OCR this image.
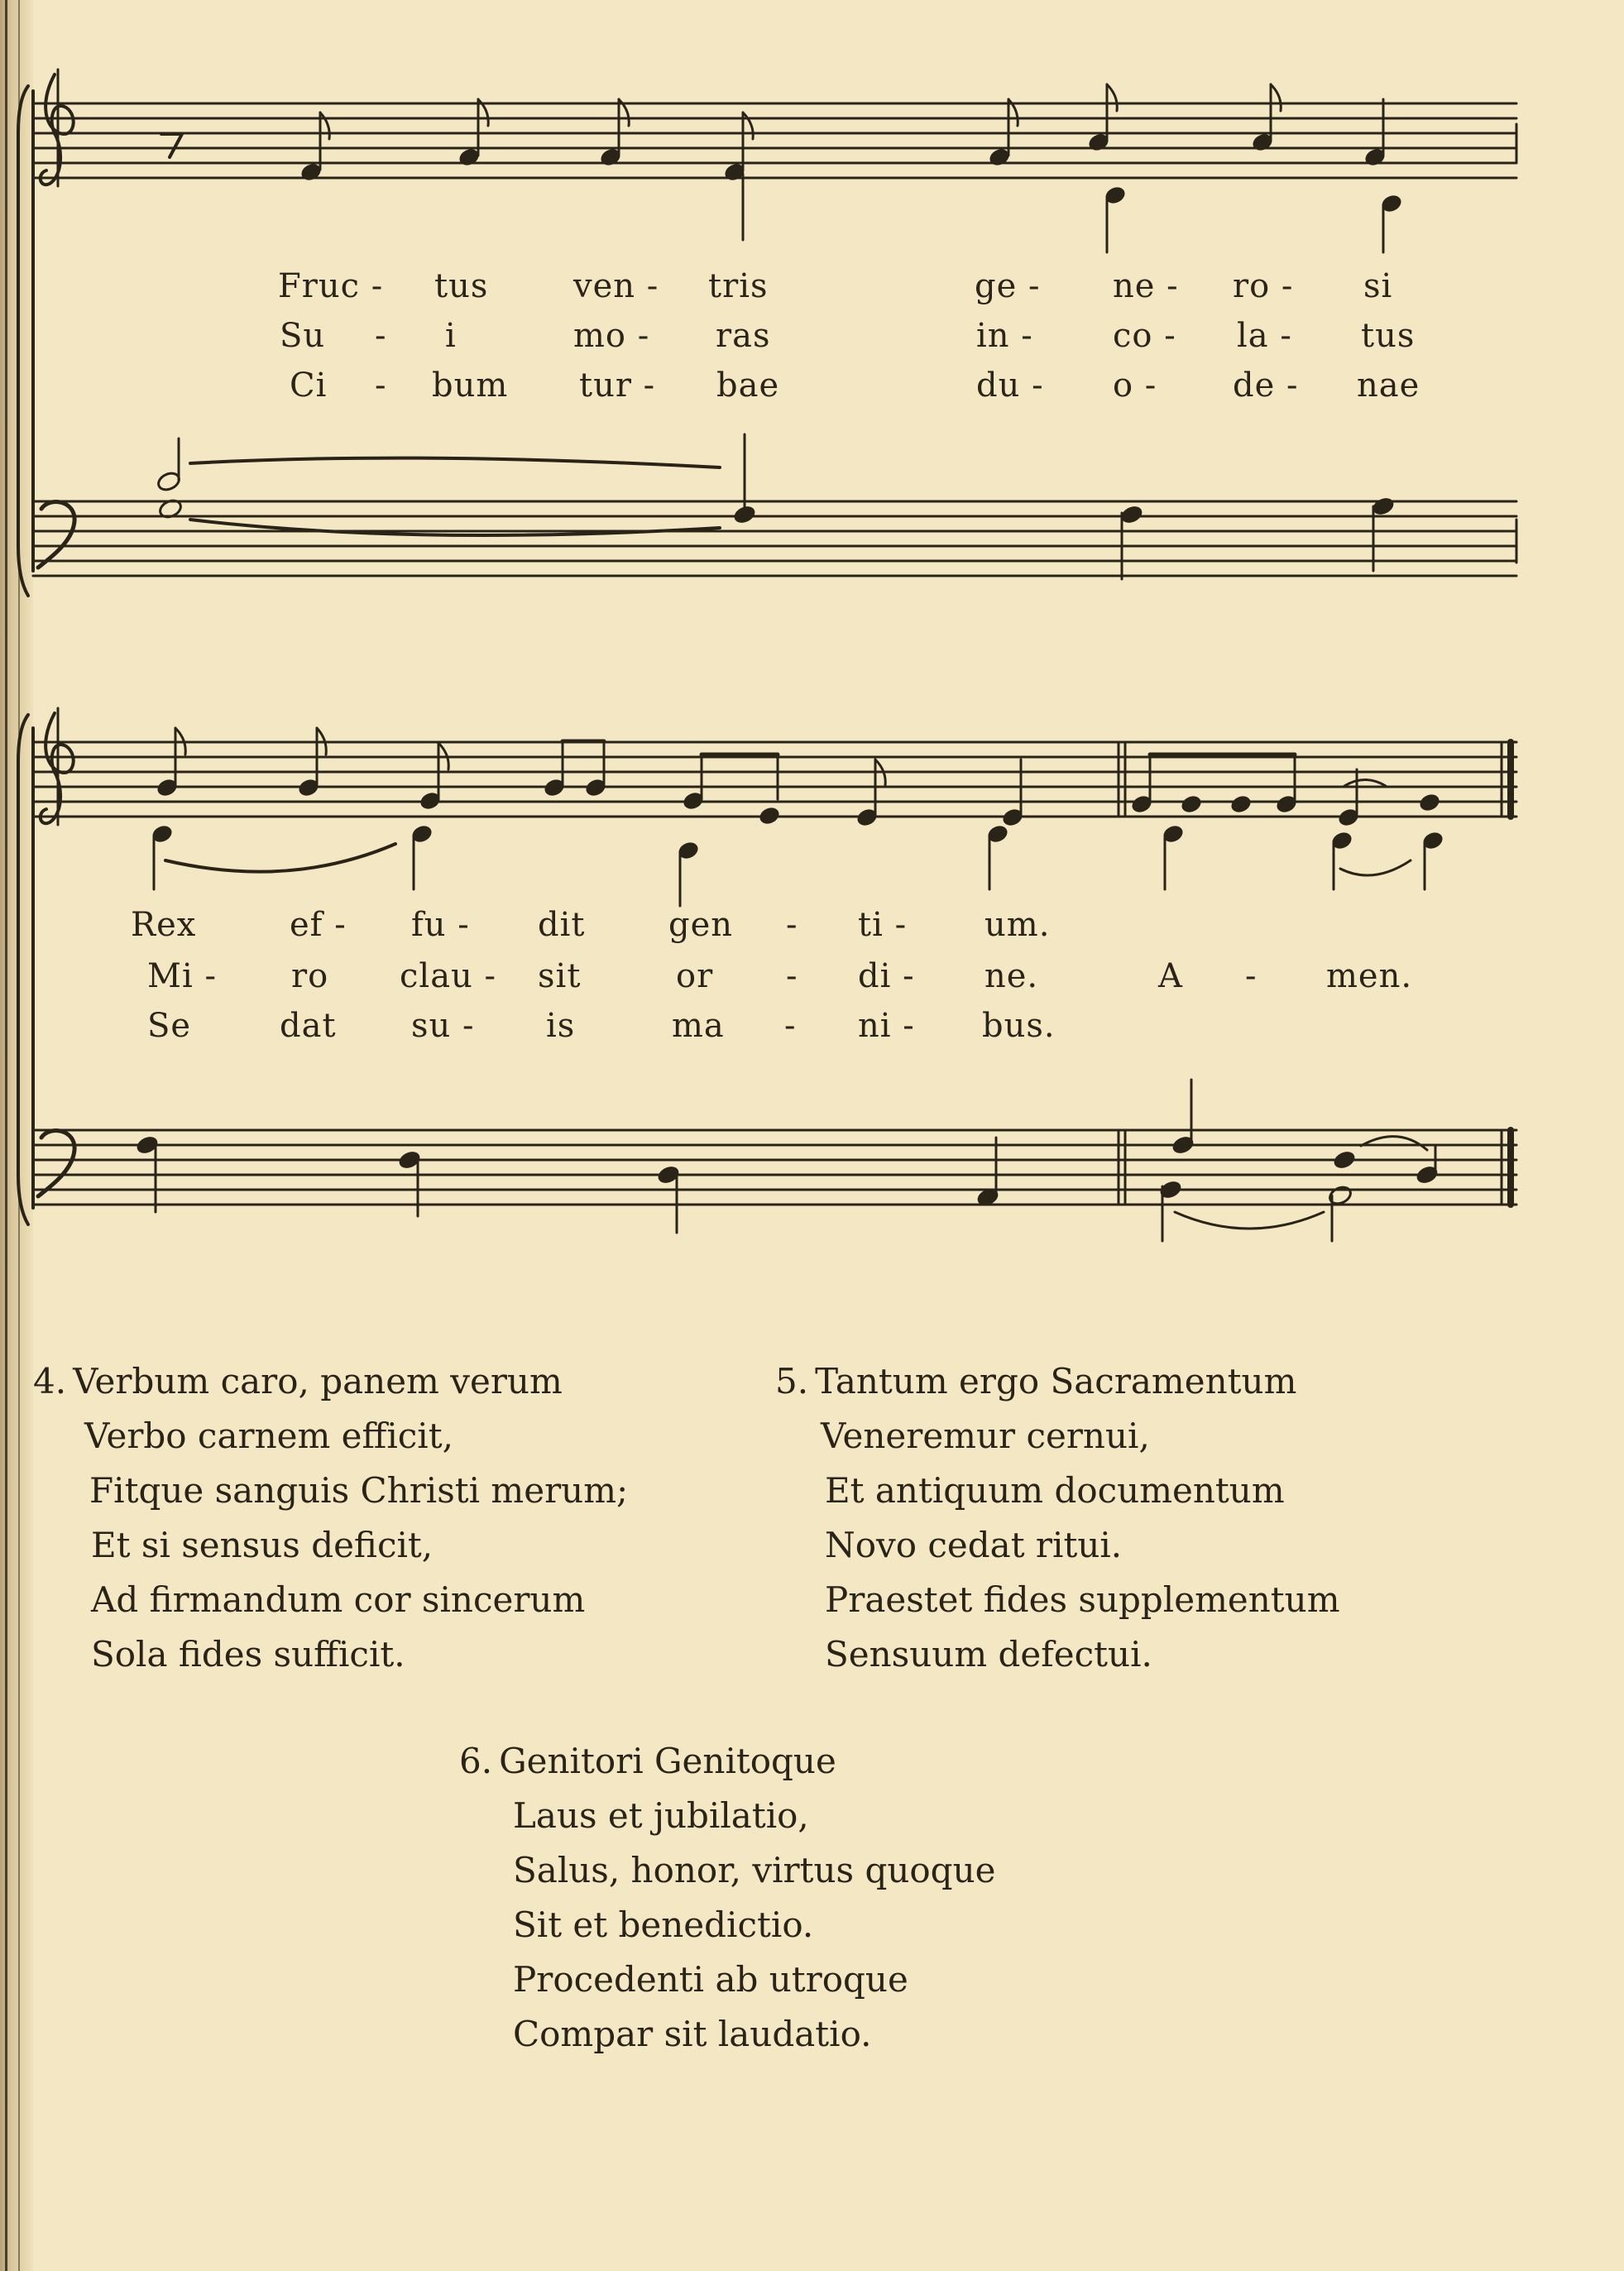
Fruc - tus	ven - tris	ge - ne - ro - si
Su - i	mo - ras	in - co - la - tus
Ci - bum tur - bae	du - o - de - nae
Rex	ef - fu - dit	gen - ti - um.
Mi - ro clau - sit	or - di - ne.	A - men.
Se	dat su - is	ma - ni - bus.
4. Verbum caro, panem verum
Verbo carnem efficit,
Fitque sanguis Christi merum;
Et si sensus deficit,
Ad firmandum cor sincerum
Sola fides sufficit.
5. Tantum ergo Sacramentum
Veneremur cernui,
Et antiquum documentum
Novo cedat ritui.
Praestet fides supplementum
Sensuum defectui.
6. Genitori Genitoque
Laus et jubilatio,
Salus, honor, virtus quoque
Sit et benedictio.
Procedenti ab utroque
Compar sit laudatio.
